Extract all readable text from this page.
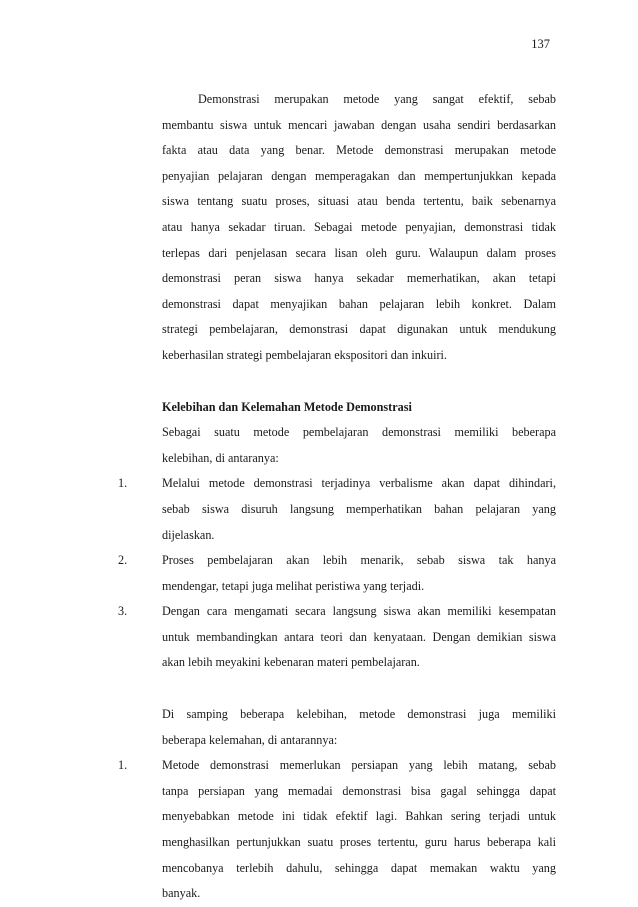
137

Demonstrasi merupakan metode yang sangat efektif, sebab

membantu siswa untuk mencari jawaban dengan usaha sendiri berdasarkan

fakta atau data yang benar. Metode demonstrasi merupakan metode

penyajian pelajaran dengan memperagakan dan mempertunjukkan kepada

siswa tentang suatu proses, situasi atau benda tertentu, baik sebenarnya

atau hanya sekadar tiruan. Sebagai metode penyajian, demonstrasi tidak

terlepas dari penjelasan secara lisan oleh guru. Walaupun dalam proses

demonstrasi peran siswa hanya sekadar memerhatikan, akan tetapi

demonstrasi dapat menyajikan bahan pelajaran lebih konkret. Dalam

strategi pembelajaran, demonstrasi dapat digunakan untuk mendukung

keberhasilan strategi pembelajaran ekspositori dan inkuiri.

Kelebihan dan Kelemahan Metode Demonstrasi

Sebagai suatu metode pembelajaran demonstrasi memiliki beberapa

kelebihan, di antaranya:

1.	Melalui metode demonstrasi terjadinya verbalisme akan dapat dihindari,

sebab siswa disuruh langsung memperhatikan bahan pelajaran yang

dijelaskan.

2.	Proses pembelajaran akan lebih menarik, sebab siswa tak hanya

mendengar, tetapi juga melihat peristiwa yang terjadi.

3.	Dengan cara mengamati secara langsung siswa akan memiliki kesempatan

untuk membandingkan antara teori dan kenyataan. Dengan demikian siswa

akan lebih meyakini kebenaran materi pembelajaran.

Di samping beberapa kelebihan, metode demonstrasi juga memiliki

beberapa kelemahan, di antarannya:

1.	Metode demonstrasi memerlukan persiapan yang lebih matang, sebab

tanpa persiapan yang memadai demonstrasi bisa gagal sehingga dapat

menyebabkan metode ini tidak efektif lagi. Bahkan sering terjadi untuk

menghasilkan pertunjukkan suatu proses tertentu, guru harus beberapa kali

mencobanya terlebih dahulu, sehingga dapat memakan waktu yang

banyak.
